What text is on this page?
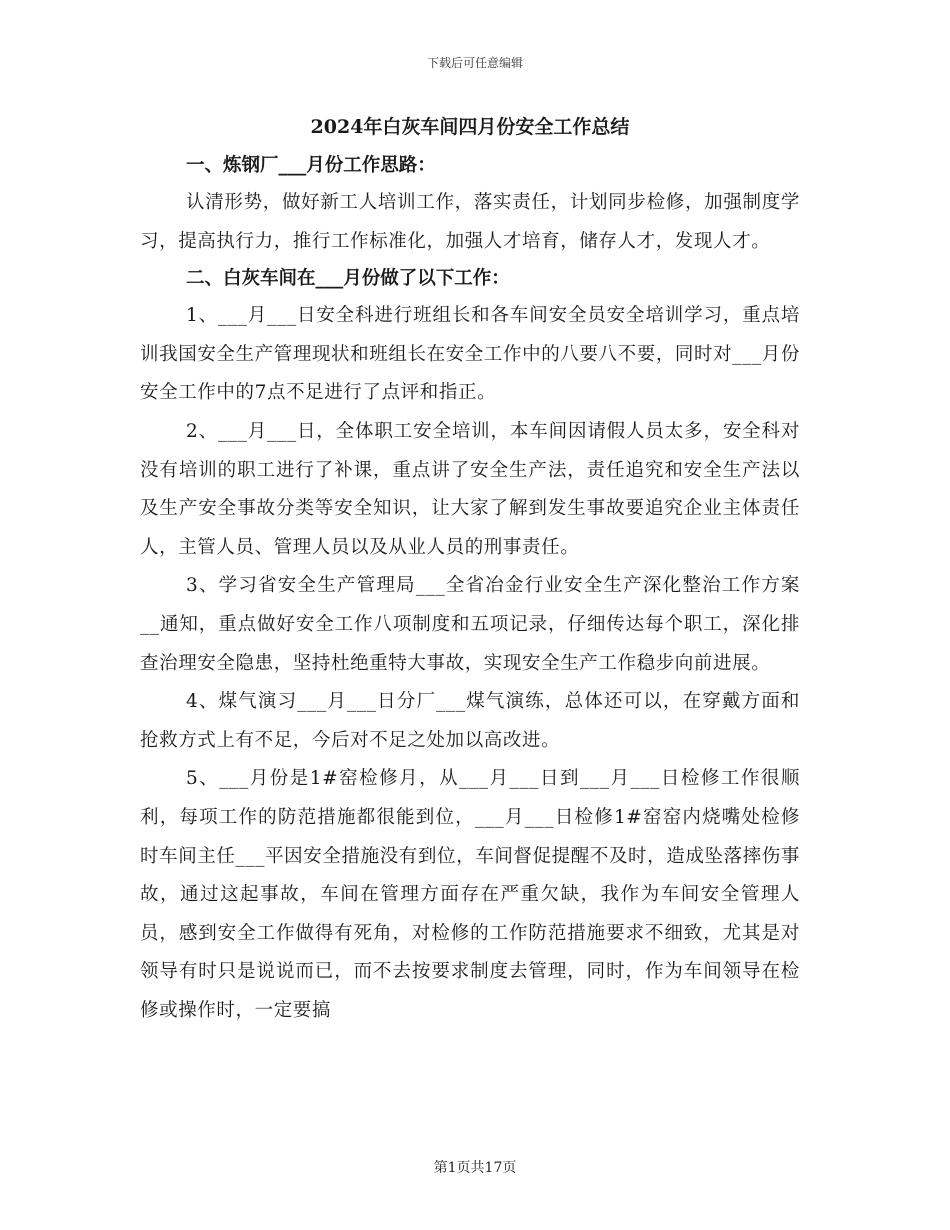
下载后可任意编辑
2024年白灰车间四月份安全工作总结
一、炼钢厂___月份工作思路：

认清形势，做好新工人培训工作，落实责任，计划同步检修，加强制度学习，提高执行力，推行工作标准化，加强人才培育，储存人才，发现人才。

二、白灰车间在___月份做了以下工作：

1、___月___日安全科进行班组长和各车间安全员安全培训学习，重点培训我国安全生产管理现状和班组长在安全工作中的八要八不要，同时对___月份安全工作中的7点不足进行了点评和指正。

2、___月___日，全体职工安全培训，本车间因请假人员太多，安全科对没有培训的职工进行了补课，重点讲了安全生产法，责任追究和安全生产法以及生产安全事故分类等安全知识，让大家了解到发生事故要追究企业主体责任人，主管人员、管理人员以及从业人员的刑事责任。

3、学习省安全生产管理局___全省冶金行业安全生产深化整治工作方案__通知，重点做好安全工作八项制度和五项记录，仔细传达每个职工，深化排查治理安全隐患，坚持杜绝重特大事故，实现安全生产工作稳步向前进展。

4、煤气演习___月___日分厂___煤气演练，总体还可以，在穿戴方面和抢救方式上有不足，今后对不足之处加以高改进。

5、___月份是1#窑检修月，从___月___日到___月___日检修工作很顺利，每项工作的防范措施都很能到位，___月___日检修1#窑窑内烧嘴处检修时车间主任___平因安全措施没有到位，车间督促提醒不及时，造成坠落摔伤事故，通过这起事故，车间在管理方面存在严重欠缺，我作为车间安全管理人员，感到安全工作做得有死角，对检修的工作防范措施要求不细致，尤其是对领导有时只是说说而已，而不去按要求制度去管理，同时，作为车间领导在检修或操作时，一定要搞

第1页共17页
